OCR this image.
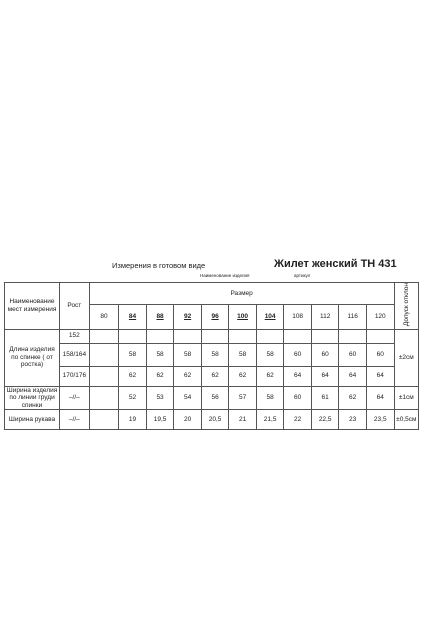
Измерения в готовом виде	Жилет женский ТН 431
Наименование изделия	артикул
Наименование мест измерения	Рост	Размер											Допуск отклон
		80	84	88	92	96	100	104	108	112	116	120	
Длина изделия по спинке ( от ростка)	152												±2см
	158/164		58	58	58	58	58	58	60	60	60	60	
	170/176		62	62	62	62	62	62	64	64	64	64	
Ширина изделия по линии груди спинки	–//–		52	53	54	56	57	58	60	61	62	64	±1см
Ширина рукава	–//–		19	19,5	20	20,5	21	21,5	22	22,5	23	23,5	±0,5см
